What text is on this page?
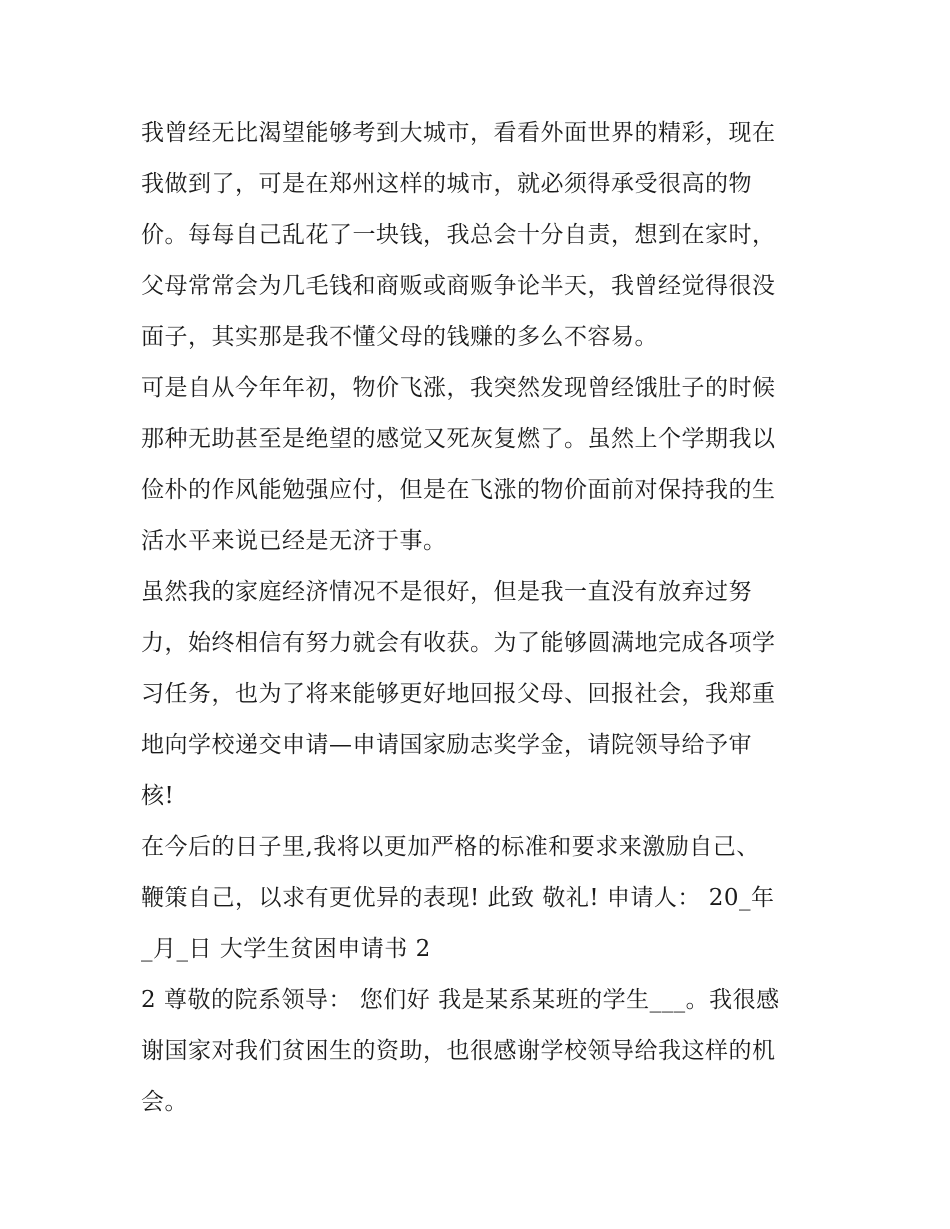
我曾经无比渴望能够考到大城市，看看外面世界的精彩，现在
我做到了，可是在郑州这样的城市，就必须得承受很高的物
价。每每自己乱花了一块钱，我总会十分自责，想到在家时，
父母常常会为几毛钱和商贩或商贩争论半天，我曾经觉得很没
面子，其实那是我不懂父母的钱赚的多么不容易。
可是自从今年年初，物价飞涨，我突然发现曾经饿肚子的时候
那种无助甚至是绝望的感觉又死灰复燃了。虽然上个学期我以
俭朴的作风能勉强应付，但是在飞涨的物价面前对保持我的生
活水平来说已经是无济于事。
虽然我的家庭经济情况不是很好，但是我一直没有放弃过努
力，始终相信有努力就会有收获。为了能够圆满地完成各项学
习任务，也为了将来能够更好地回报父母、回报社会，我郑重
地向学校递交申请—申请国家励志奖学金，请院领导给予审
核!
在今后的日子里,我将以更加严格的标准和要求来激励自己、
鞭策自己，以求有更优异的表现! 此致 敬礼! 申请人： 20_年
_月_日 大学生贫困申请书 2
2 尊敬的院系领导： 您们好 我是某系某班的学生___。我很感
谢国家对我们贫困生的资助，也很感谢学校领导给我这样的机
会。
